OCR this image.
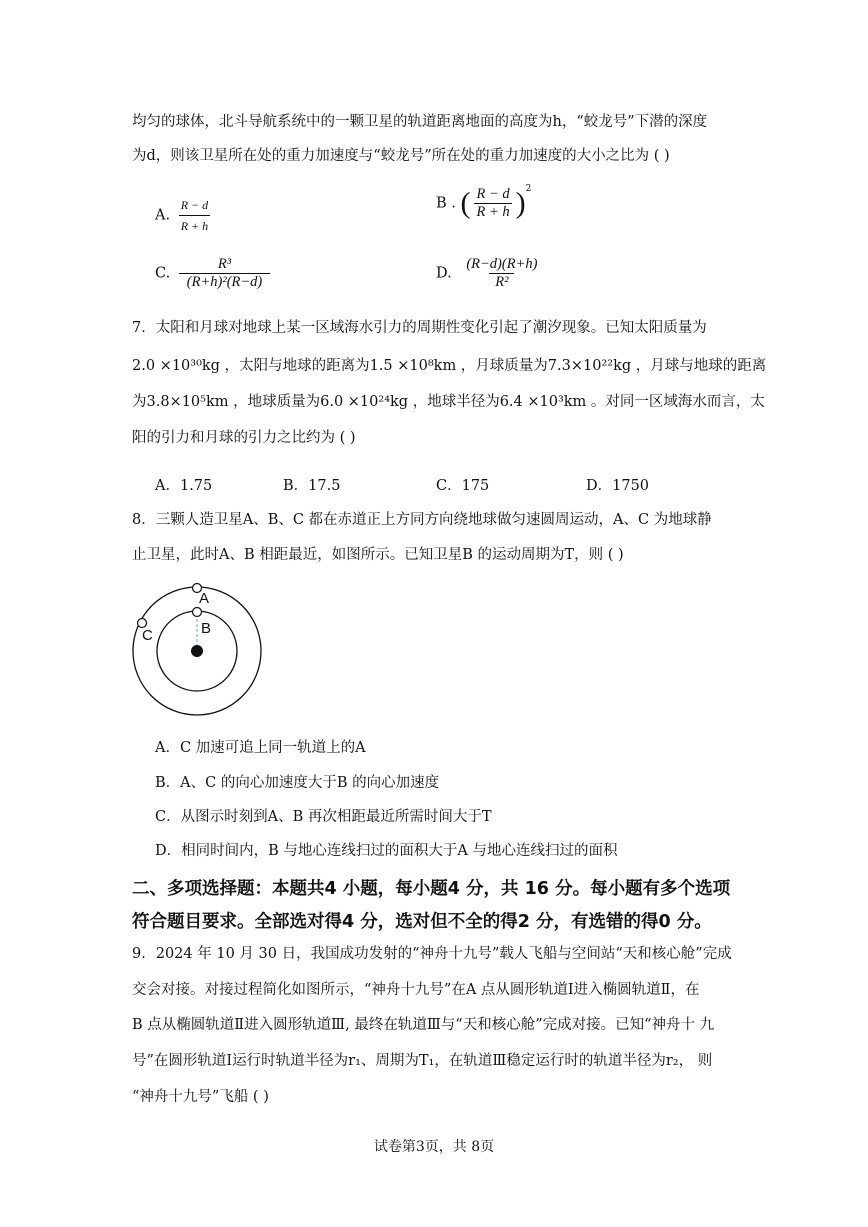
均匀的球体，北斗导航系统中的一颗卫星的轨道距离地面的高度为h，“蛟龙号”下潜的深度
为d，则该卫星所在处的重力加速度与“蛟龙号”所在处的重力加速度的大小之比为 ( )
A. $\frac{R - d}{R + h}$	B . ( $\frac{R - d}{R + h} )^2$
C. $\frac{\text{R³}}{\text{(R+h)²(R−d)}}$	D. $\frac{(R-d)(R+h)}{\text{R²}}$
7．太阳和月球对地球上某一区域海水引力的周期性变化引起了潮汐现象。已知太阳质量为
2.0 ×10³⁰kg ，太阳与地球的距离为1.5 ×10⁸km ，月球质量为7.3×10²²kg ，月球与地球的距离
为3.8×10⁵km ，地球质量为6.0 ×10²⁴kg ，地球半径为6.4 ×10³km 。对同一区域海水而言，太
阳的引力和月球的引力之比约为 ( )
A．1.75	B．17.5	C．175	D．1750
8．三颗人造卫星A、B、C 都在赤道正上方同方向绕地球做匀速圆周运动，A、C 为地球静
止卫星，此时A、B 相距最近，如图所示。已知卫星B 的运动周期为T，则 ( )
A
B
C
A．C 加速可追上同一轨道上的A
B．A、C 的向心加速度大于B 的向心加速度
C．从图示时刻到A、B 再次相距最近所需时间大于T
D．相同时间内，B 与地心连线扫过的面积大于A 与地心连线扫过的面积
二、多项选择题：本题共4 小题，每小题4 分，共 16 分。每小题有多个选项
符合题目要求。全部选对得4 分，选对但不全的得2 分，有选错的得0 分。
9．2024 年 10 月 30 日，我国成功发射的“神舟十九号”载人飞船与空间站“天和核心舱”完成
交会对接。对接过程简化如图所示，“神舟十九号”在A 点从圆形轨道Ⅰ进入椭圆轨道Ⅱ，在
B 点从椭圆轨道Ⅱ进入圆形轨道Ⅲ, 最终在轨道Ⅲ与“天和核心舱”完成对接。已知“神舟十 九
号”在圆形轨道Ⅰ运行时轨道半径为r₁、周期为T₁，在轨道Ⅲ稳定运行时的轨道半径为r₂， 则
“神舟十九号”飞船 ( )
试卷第3页，共 8页
